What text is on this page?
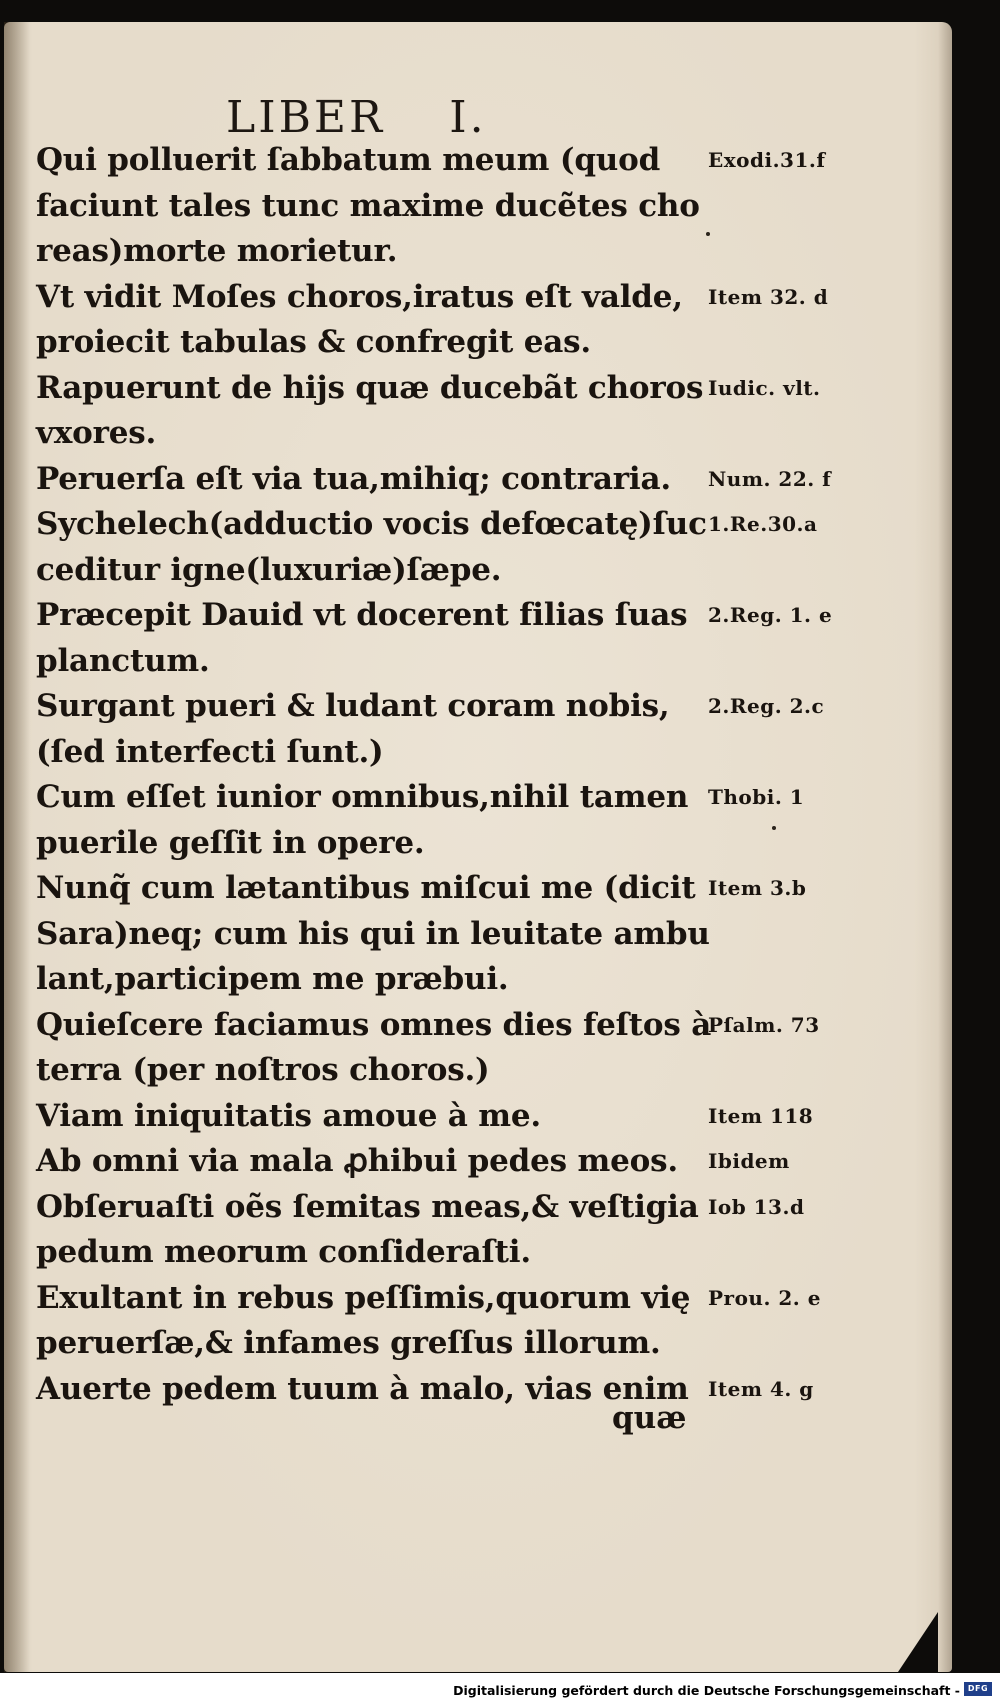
LIBER I.
Qui polluerit ſabbatum meum (quod Exodi.31.f
faciunt tales tunc maxime ducẽtes cho
reas)morte morietur.
Vt vidit Moſes choros,iratus eſt valde, Item 32. d
proiecit tabulas & confregit eas.
Rapuerunt de hijs quæ ducebãt choros Iudic. vlt.
vxores.
Peruerſa eſt via tua,mihiq; contraria. Num. 22. f
Sychelech(adductio vocis defœcatę)ſuc 1.Re.30.a
ceditur igne(luxuriæ)ſæpe.
Præcepit Dauid vt docerent filias ſuas 2.Reg. 1. e
planctum.
Surgant pueri & ludant coram nobis, 2.Reg. 2.c
(ſed interfecti ſunt.)
Cum eſſet iunior omnibus,nihil tamen Thobi. 1
puerile geſſit in opere.
Nunq̃ cum lætantibus miſcui me (dicit Item 3.b
Sara)neq; cum his qui in leuitate ambu
lant,participem me præbui.
Quieſcere faciamus omnes dies feſtos à
Pſalm. 73
terra (per noſtros choros.)
Viam iniquitatis amoue à me.	Item 118
Ab omni via mala ꝓhibui pedes meos. Ibidem
Obſeruaſti oẽs ſemitas meas,& veſtigia Iob 13.d
pedum meorum conſideraſti.
Exultant in rebus peſſimis,quorum vię Prou. 2. e
peruerſæ,& infames greſſus illorum.
Auerte pedem tuum à malo, vias enim Item 4. g
quæ
Digitalisierung gefördert durch die Deutsche Forschungsgemeinschaft - DFG
